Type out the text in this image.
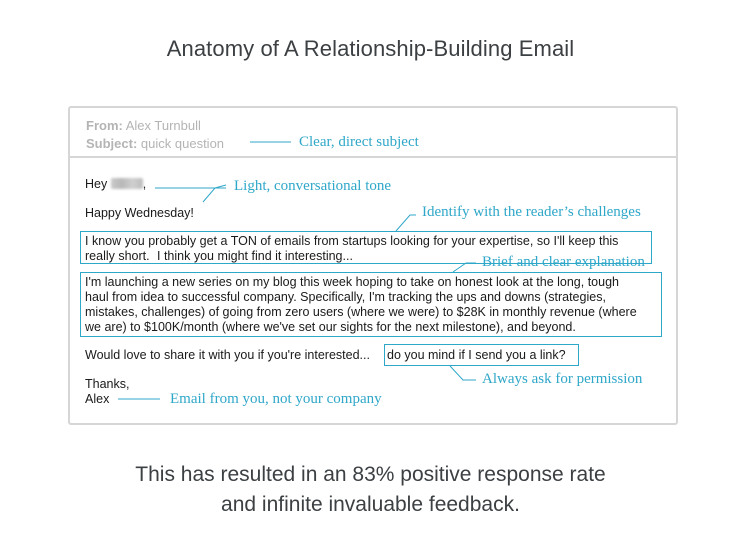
Anatomy of A Relationship-Building Email
From: Alex Turnbull
Subject: quick question
Hey	,
Happy Wednesday!
I know you probably get a TON of emails from startups looking for your expertise, so I'll keep this
really short. I think you might find it interesting...
I'm launching a new series on my blog this week hoping to take on honest look at the long, tough
haul from idea to successful company. Specifically, I'm tracking the ups and downs (strategies,
mistakes, challenges) of going from zero users (where we were) to $28K in monthly revenue (where
we are) to $100K/month (where we've set our sights for the next milestone), and beyond.
Would love to share it with you if you're interested... do you mind if I send you a link?
Thanks,
Alex
Clear, direct subject
Light, conversational tone
Identify with the reader’s challenges
Brief and clear explanation
Always ask for permission
Email from you, not your company
This has resulted in an 83% positive response rate
and infinite invaluable feedback.
